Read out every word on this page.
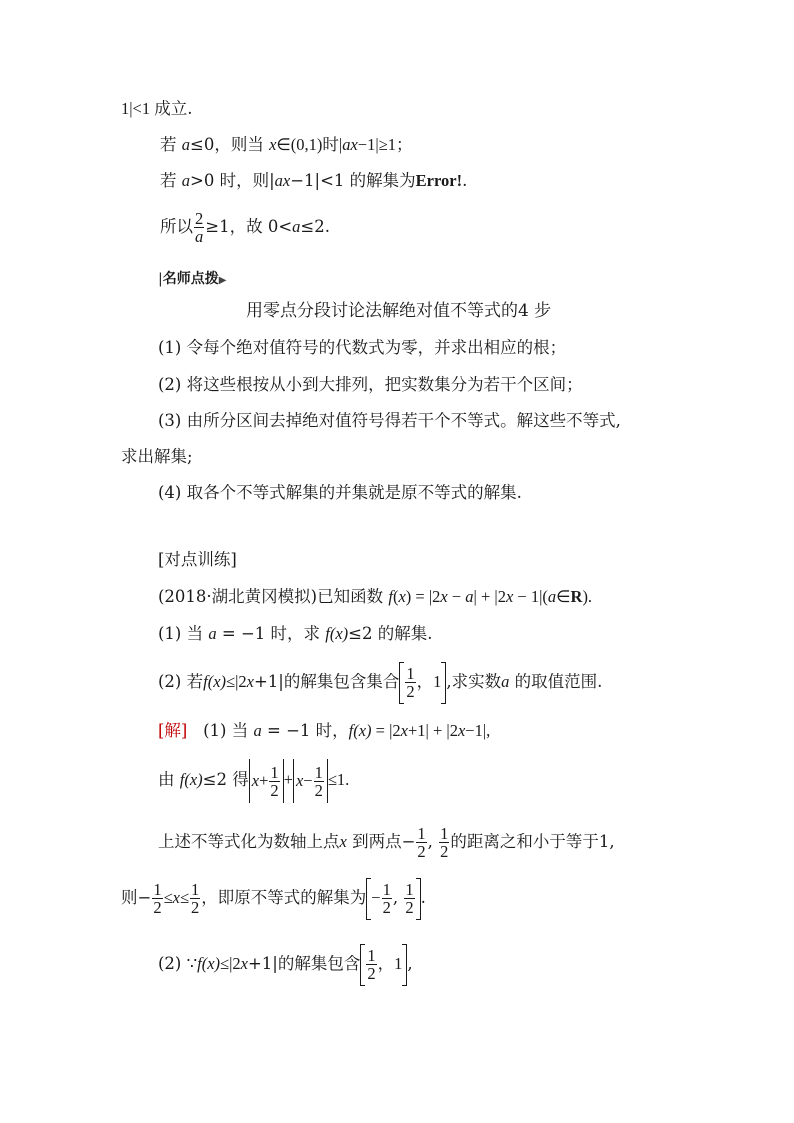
1|<1 成立.
若 a≤0，则当 x∈(0,1)时|ax−1|≥1；
若 a>0 时，则|ax−1|<1 的解集为Error!.
所以 $\frac{2}{a} \ge 1$，故 0<a≤2.
|名师点拨▶
用零点分段讨论法解绝对值不等式的4 步
(1) 令每个绝对值符号的代数式为零，并求出相应的根；
(2) 将这些根按从小到大排列，把实数集分为若干个区间；
(3) 由所分区间去掉绝对值符号得若干个不等式。解这些不等式,
求出解集;
(4) 取各个不等式解集的并集就是原不等式的解集.
[对点训练]
(2018·湖北黄冈模拟)已知函数 f(x) = |2x − a| + |2x − 1|(a∈R).
(1) 当 a = −1 时，求 f(x)≤2 的解集.
(2) 若f(x)≤|2x+1|的解集包含集合 $\frac{1}{2}$ ，1 ,求实数a 的取值范围.
[解] (1) 当 a = −1 时，f(x) = |2x+1| + |2x−1|,
由 f(x)≤2 得 $x+ \frac{1}{2} + x- \frac{1}{2} \le 1$.
上述不等式化为数轴上点x 到两点− $\frac{1}{2}$ , $\frac{1}{2}$ 的距离之和小于等于1,
则− $\frac{1}{2} \le x\le \frac{1}{2}$ ，即原不等式的解集为 − $\frac{1}{2}$ , $\frac{1}{2}$ .
(2) ∵f(x)≤|2x+1|的解集包含 $\frac{1}{2}$ ，1 ,
